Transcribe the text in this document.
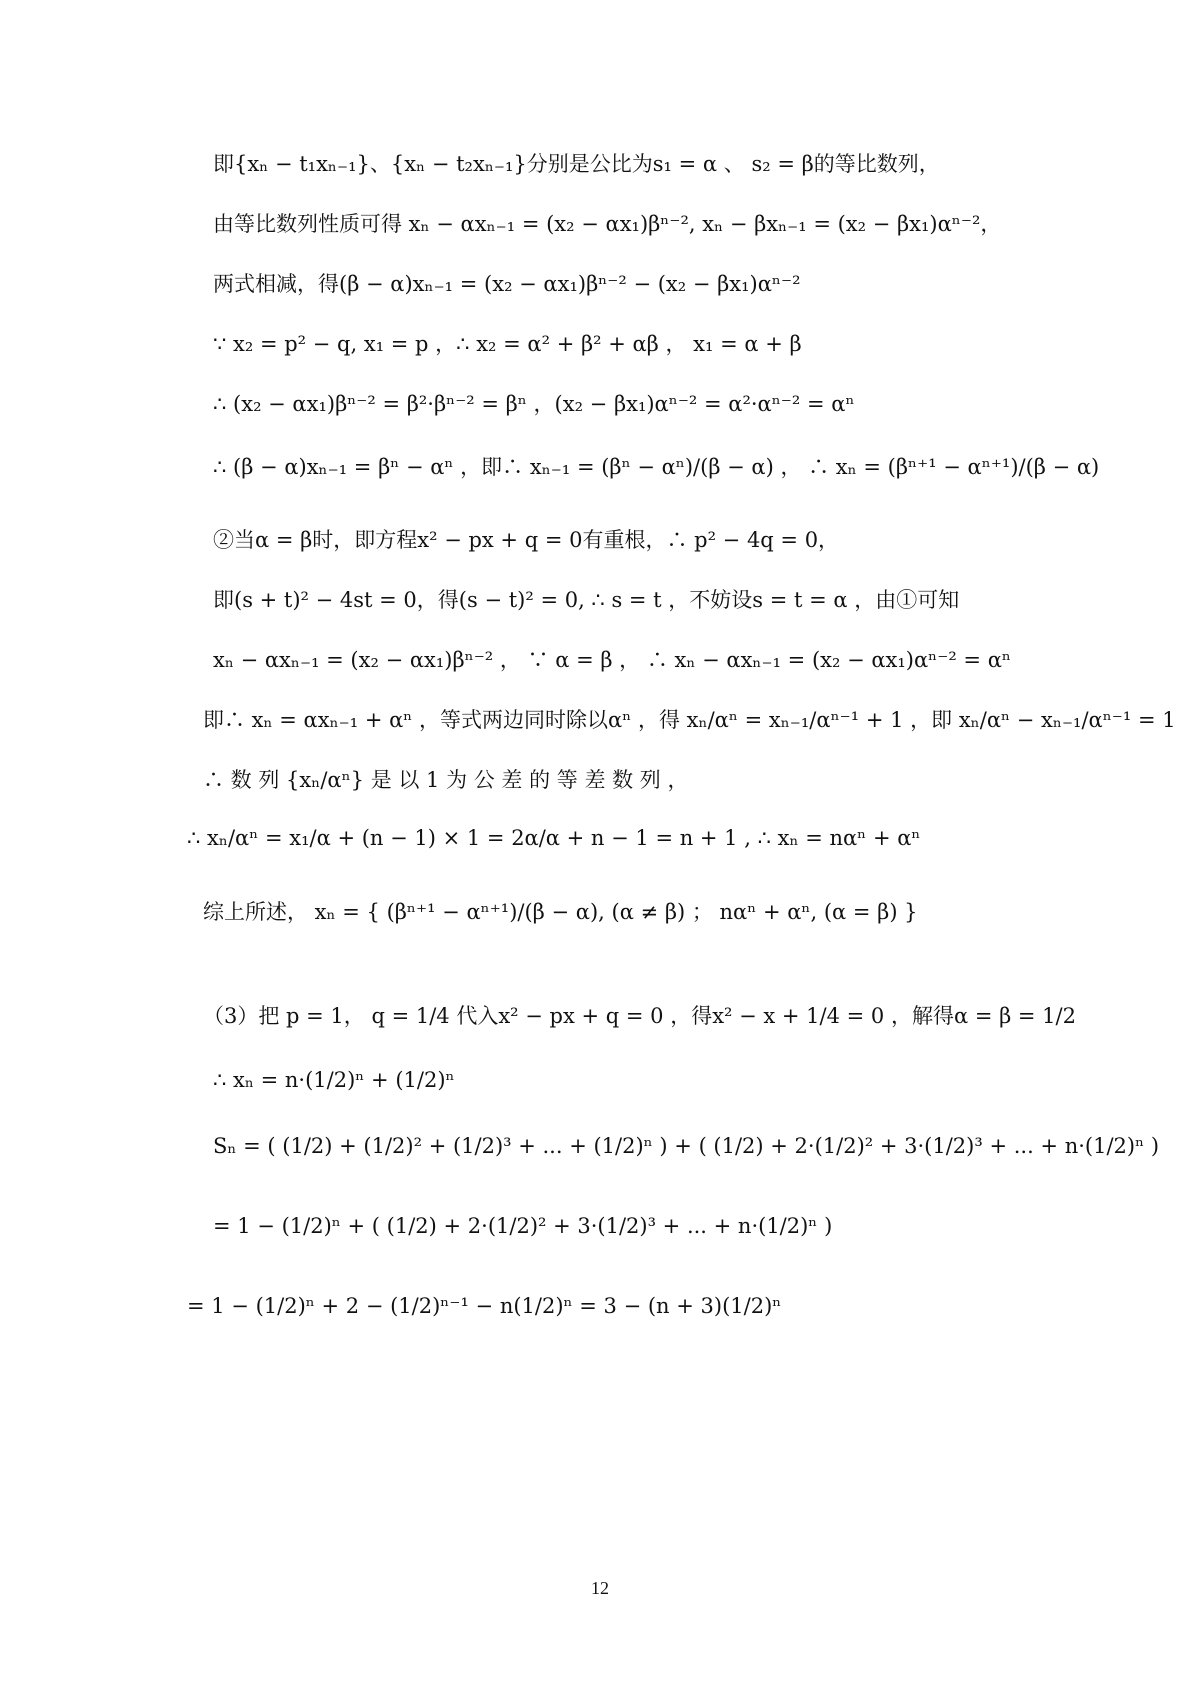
即{xₙ − t₁xₙ₋₁}、{xₙ − t₂xₙ₋₁}分别是公比为s₁ = α 、 s₂ = β的等比数列，
由等比数列性质可得 xₙ − αxₙ₋₁ = (x₂ − αx₁)βⁿ⁻², xₙ − βxₙ₋₁ = (x₂ − βx₁)αⁿ⁻²，
两式相减，得(β − α)xₙ₋₁ = (x₂ − αx₁)βⁿ⁻² − (x₂ − βx₁)αⁿ⁻²
∵ x₂ = p² − q, x₁ = p ，∴ x₂ = α² + β² + αβ ， x₁ = α + β
∴ (x₂ − αx₁)βⁿ⁻² = β²·βⁿ⁻² = βⁿ ，(x₂ − βx₁)αⁿ⁻² = α²·αⁿ⁻² = αⁿ
∴ (β − α)xₙ₋₁ = βⁿ − αⁿ ，即∴ xₙ₋₁ = (βⁿ − αⁿ)/(β − α) ， ∴ xₙ = (βⁿ⁺¹ − αⁿ⁺¹)/(β − α)
②当α = β时，即方程x² − px + q = 0有重根，∴ p² − 4q = 0，
即(s + t)² − 4st = 0，得(s − t)² = 0, ∴ s = t ，不妨设s = t = α ，由①可知
xₙ − αxₙ₋₁ = (x₂ − αx₁)βⁿ⁻² ， ∵ α = β ， ∴ xₙ − αxₙ₋₁ = (x₂ − αx₁)αⁿ⁻² = αⁿ
即∴ xₙ = αxₙ₋₁ + αⁿ ，等式两边同时除以αⁿ ，得 xₙ/αⁿ = xₙ₋₁/αⁿ⁻¹ + 1 ，即 xₙ/αⁿ − xₙ₋₁/αⁿ⁻¹ = 1
∴ 数 列 {xₙ/αⁿ} 是 以 1 为 公 差 的 等 差 数 列 ，
∴ xₙ/αⁿ = x₁/α + (n − 1) × 1 = 2α/α + n − 1 = n + 1 , ∴ xₙ = nαⁿ + αⁿ
综上所述， xₙ = { (βⁿ⁺¹ − αⁿ⁺¹)/(β − α), (α ≠ β) ； nαⁿ + αⁿ, (α = β) }
（3）把 p = 1， q = 1/4 代入x² − px + q = 0 ，得x² − x + 1/4 = 0 ，解得α = β = 1/2
∴ xₙ = n·(1/2)ⁿ + (1/2)ⁿ
Sₙ = ( (1/2) + (1/2)² + (1/2)³ + ... + (1/2)ⁿ ) + ( (1/2) + 2·(1/2)² + 3·(1/2)³ + ... + n·(1/2)ⁿ )
= 1 − (1/2)ⁿ + ( (1/2) + 2·(1/2)² + 3·(1/2)³ + ... + n·(1/2)ⁿ )
= 1 − (1/2)ⁿ + 2 − (1/2)ⁿ⁻¹ − n(1/2)ⁿ = 3 − (n + 3)(1/2)ⁿ
12
